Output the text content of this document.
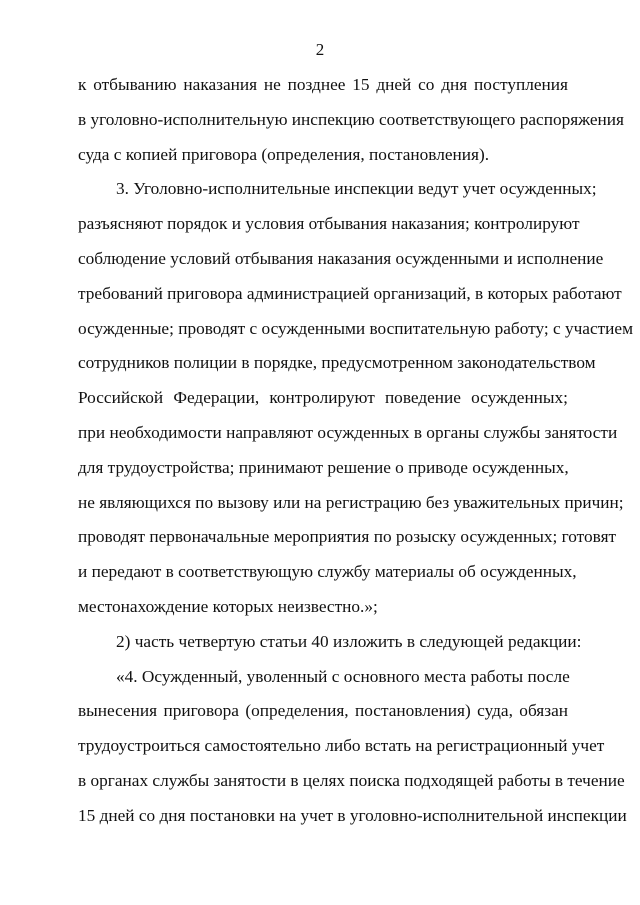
2
к отбыванию наказания не позднее 15 дней со дня поступления
в уголовно-исполнительную инспекцию соответствующего распоряжения
суда с копией приговора (определения, постановления).
3. Уголовно-исполнительные инспекции ведут учет осужденных;
разъясняют порядок и условия отбывания наказания; контролируют
соблюдение условий отбывания наказания осужденными и исполнение
требований приговора администрацией организаций, в которых работают
осужденные; проводят с осужденными воспитательную работу; с участием
сотрудников полиции в порядке, предусмотренном законодательством
Российской Федерации, контролируют поведение осужденных;
при необходимости направляют осужденных в органы службы занятости
для трудоустройства; принимают решение о приводе осужденных,
не являющихся по вызову или на регистрацию без уважительных причин;
проводят первоначальные мероприятия по розыску осужденных; готовят
и передают в соответствующую службу материалы об осужденных,
местонахождение которых неизвестно.»;
2) часть четвертую статьи 40 изложить в следующей редакции:
«4. Осужденный, уволенный с основного места работы после
вынесения приговора (определения, постановления) суда, обязан
трудоустроиться самостоятельно либо встать на регистрационный учет
в органах службы занятости в целях поиска подходящей работы в течение
15 дней со дня постановки на учет в уголовно-исполнительной инспекции
